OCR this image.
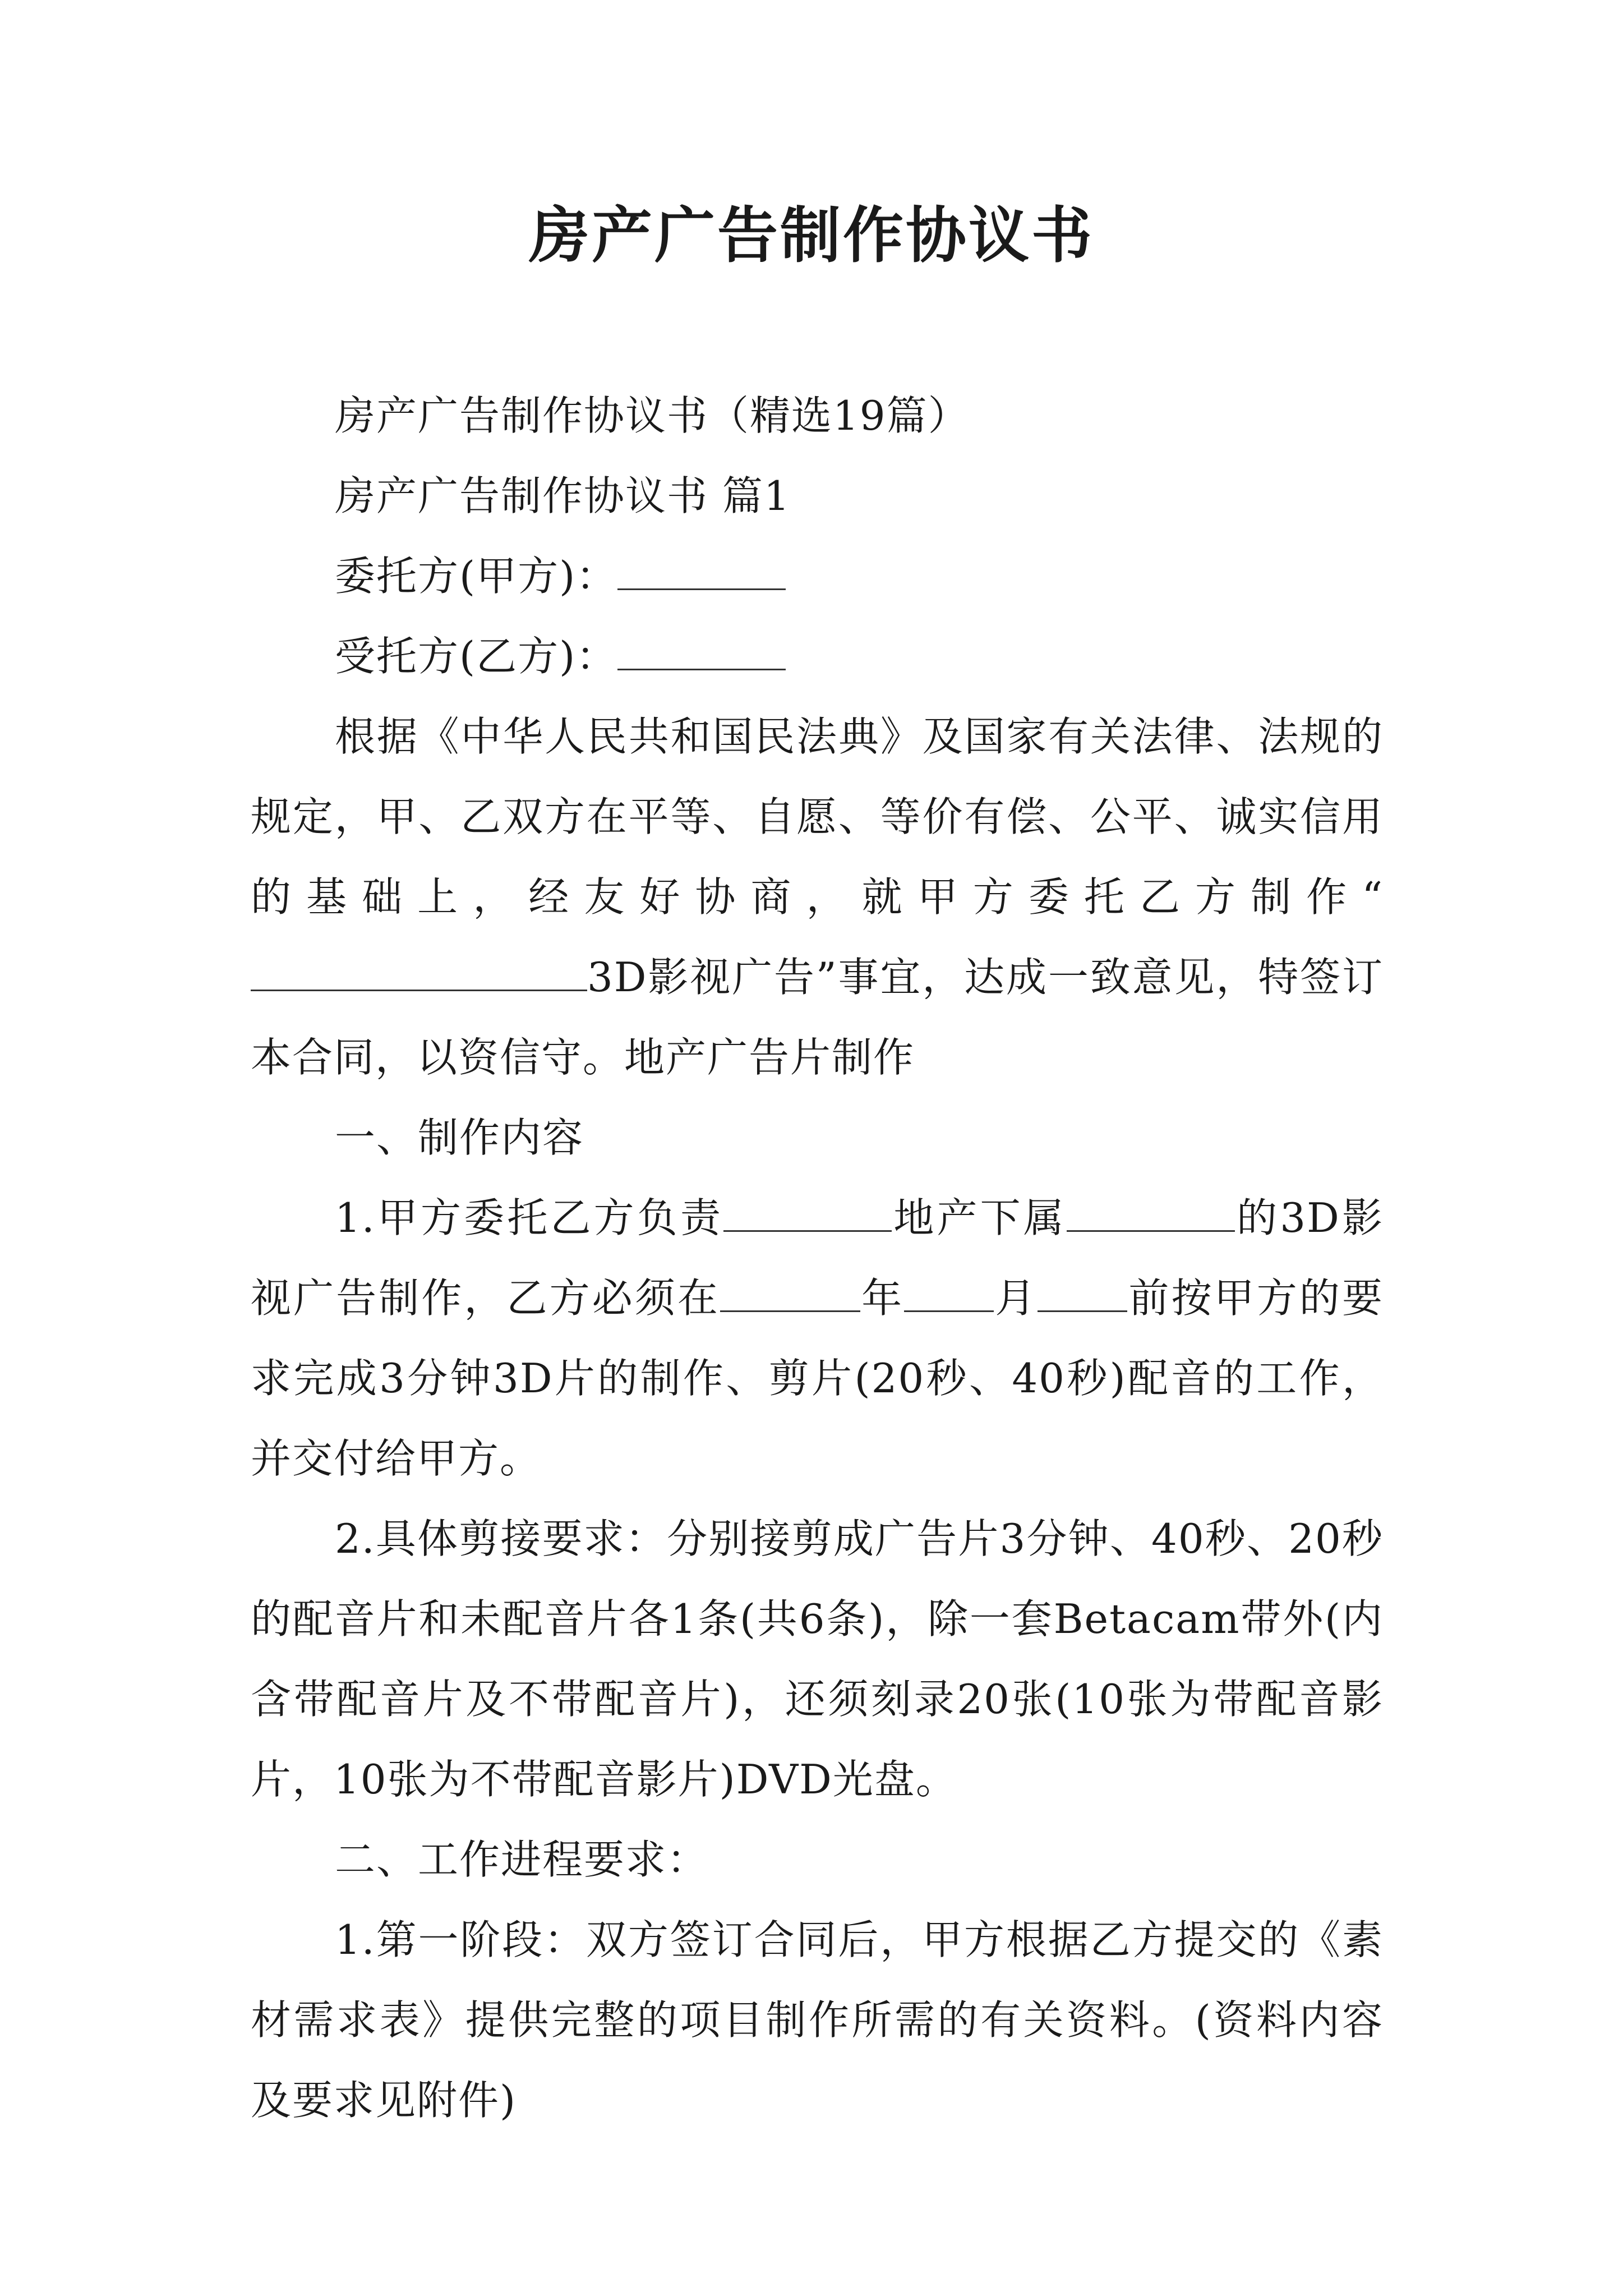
房产广告制作协议书

房产广告制作协议书（精选19篇）

房产广告制作协议书 篇1

委托方(甲方)：

受托方(乙方)：

根据《中华人民共和国民法典》及国家有关法律、法规的规定，甲、乙双方在平等、自愿、等价有偿、公平、诚实信用的基础上，经友好协商，就甲方委托乙方制作“3D影视广告”事宜，达成一致意见，特签订本合同，以资信守。地产广告片制作

一、制作内容

1.甲方委托乙方负责	地产下属	的3D影视广告制作，乙方必须在	年 月 前按甲方的要求完成3分钟3D片的制作、剪片(20秒、40秒)配音的工作，并交付给甲方。

2.具体剪接要求：分别接剪成广告片3分钟、40秒、20秒的配音片和未配音片各1条(共6条)，除一套Betacam带外(内含带配音片及不带配音片)，还须刻录20张(10张为带配音影片，10张为不带配音影片)DVD光盘。

二、工作进程要求：

1.第一阶段：双方签订合同后，甲方根据乙方提交的《素材需求表》提供完整的项目制作所需的有关资料。(资料内容及要求见附件)
